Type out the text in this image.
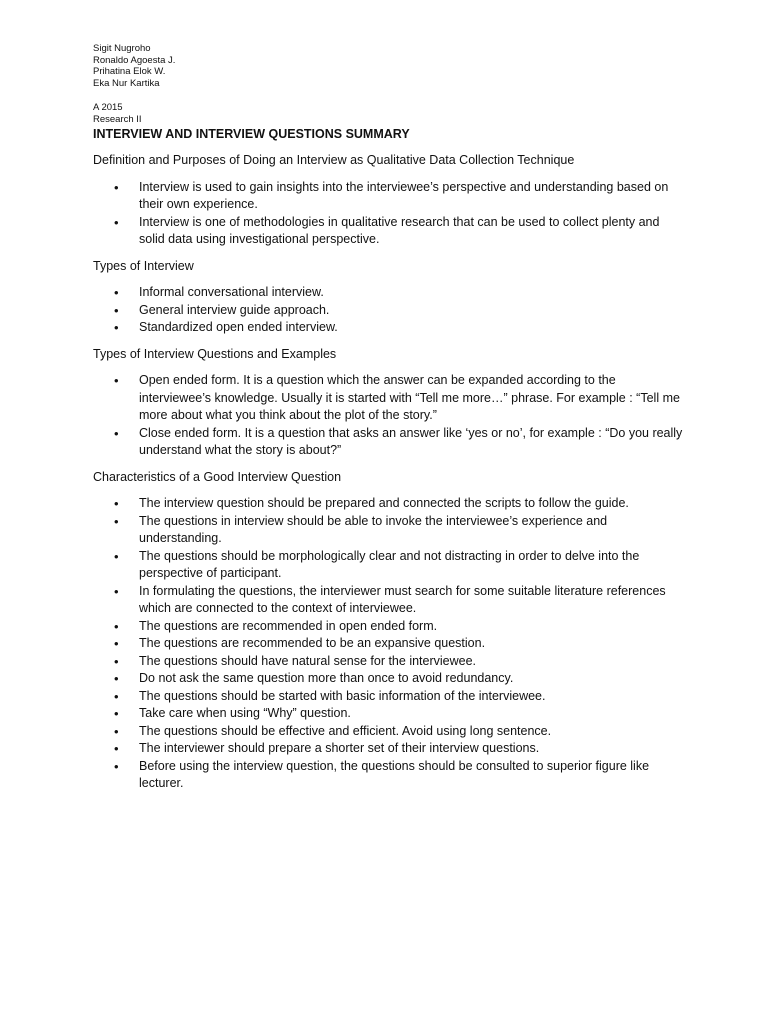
Sigit Nugroho
Ronaldo Agoesta J.
Prihatina Elok W.
Eka Nur Kartika
A 2015
Research II
INTERVIEW AND INTERVIEW QUESTIONS SUMMARY

Definition and Purposes of Doing an Interview as Qualitative Data Collection Technique

• Interview is used to gain insights into the interviewee’s perspective and understanding based on their own experience.
• Interview is one of methodologies in qualitative research that can be used to collect plenty and solid data using investigational perspective.

Types of Interview

• Informal conversational interview.
• General interview guide approach.
• Standardized open ended interview.

Types of Interview Questions and Examples

• Open ended form. It is a question which the answer can be expanded according to the interviewee’s knowledge. Usually it is started with “Tell me more…” phrase. For example : “Tell me more about what you think about the plot of the story.”
• Close ended form. It is a question that asks an answer like ‘yes or no’, for example : “Do you really understand what the story is about?”

Characteristics of a Good Interview Question

• The interview question should be prepared and connected the scripts to follow the guide.
• The questions in interview should be able to invoke the interviewee’s experience and understanding.
• The questions should be morphologically clear and not distracting in order to delve into the perspective of participant.
• In formulating the questions, the interviewer must search for some suitable literature references which are connected to the context of interviewee.
• The questions are recommended in open ended form.
• The questions are recommended to be an expansive question.
• The questions should have natural sense for the interviewee.
• Do not ask the same question more than once to avoid redundancy.
• The questions should be started with basic information of the interviewee.
• Take care when using “Why” question.
• The questions should be effective and efficient. Avoid using long sentence.
• The interviewer should prepare a shorter set of their interview questions.
• Before using the interview question, the questions should be consulted to superior figure like lecturer.
